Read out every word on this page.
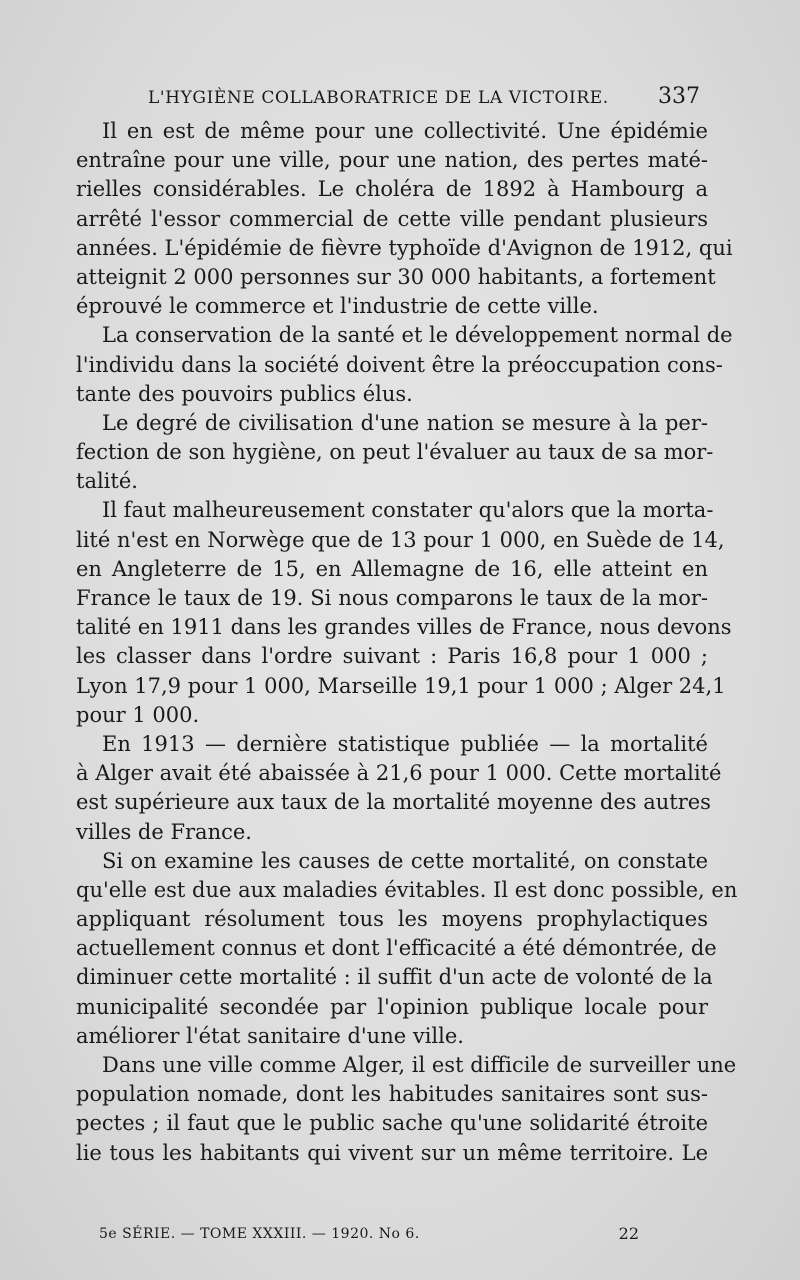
L'HYGIÈNE COLLABORATRICE DE LA VICTOIRE. 337
Il en est de même pour une collectivité. Une épidémie
entraîne pour une ville, pour une nation, des pertes maté-
rielles considérables. Le choléra de 1892 à Hambourg a
arrêté l'essor commercial de cette ville pendant plusieurs
années. L'épidémie de fièvre typhoïde d'Avignon de 1912, qui
atteignit 2 000 personnes sur 30 000 habitants, a fortement
éprouvé le commerce et l'industrie de cette ville.
La conservation de la santé et le développement normal de
l'individu dans la société doivent être la préoccupation cons-
tante des pouvoirs publics élus.
Le degré de civilisation d'une nation se mesure à la per-
fection de son hygiène, on peut l'évaluer au taux de sa mor-
talité.
Il faut malheureusement constater qu'alors que la morta-
lité n'est en Norwège que de 13 pour 1 000, en Suède de 14,
en Angleterre de 15, en Allemagne de 16, elle atteint en
France le taux de 19. Si nous comparons le taux de la mor-
talité en 1911 dans les grandes villes de France, nous devons
les classer dans l'ordre suivant : Paris 16,8 pour 1 000 ;
Lyon 17,9 pour 1 000, Marseille 19,1 pour 1 000 ; Alger 24,1
pour 1 000.
En 1913 — dernière statistique publiée — la mortalité
à Alger avait été abaissée à 21,6 pour 1 000. Cette mortalité
est supérieure aux taux de la mortalité moyenne des autres
villes de France.
Si on examine les causes de cette mortalité, on constate
qu'elle est due aux maladies évitables. Il est donc possible, en
appliquant résolument tous les moyens prophylactiques
actuellement connus et dont l'efficacité a été démontrée, de
diminuer cette mortalité : il suffit d'un acte de volonté de la
municipalité secondée par l'opinion publique locale pour
améliorer l'état sanitaire d'une ville.
Dans une ville comme Alger, il est difficile de surveiller une
population nomade, dont les habitudes sanitaires sont sus-
pectes ; il faut que le public sache qu'une solidarité étroite
lie tous les habitants qui vivent sur un même territoire. Le
5e SÉRIE. — TOME XXXIII. — 1920. No 6.	22
